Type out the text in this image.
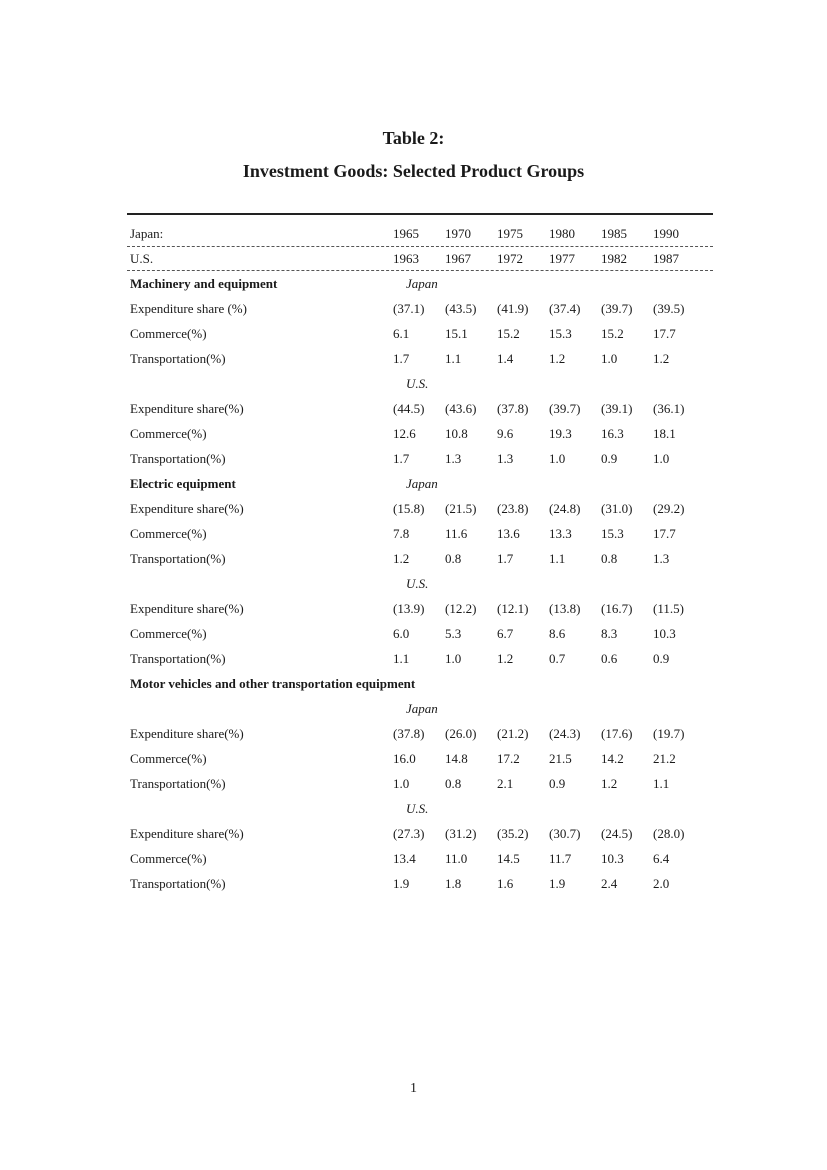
Table 2:
Investment Goods: Selected Product Groups
Japan:	1965	1970	1975	1980	1985	1990
U.S.	1963	1967	1972	1977	1982	1987
Machinery and equipment	Japan
Expenditure share (%)	(37.1)	(43.5)	(41.9)	(37.4)	(39.7)	(39.5)
Commerce(%)	6.1	15.1	15.2	15.3	15.2	17.7
Transportation(%)	1.7	1.1	1.4	1.2	1.0	1.2
U.S.
Expenditure share(%)	(44.5)	(43.6)	(37.8)	(39.7)	(39.1)	(36.1)
Commerce(%)	12.6	10.8	9.6	19.3	16.3	18.1
Transportation(%)	1.7	1.3	1.3	1.0	0.9	1.0
Electric equipment	Japan
Expenditure share(%)	(15.8)	(21.5)	(23.8)	(24.8)	(31.0)	(29.2)
Commerce(%)	7.8	11.6	13.6	13.3	15.3	17.7
Transportation(%)	1.2	0.8	1.7	1.1	0.8	1.3
U.S.
Expenditure share(%)	(13.9)	(12.2)	(12.1)	(13.8)	(16.7)	(11.5)
Commerce(%)	6.0	5.3	6.7	8.6	8.3	10.3
Transportation(%)	1.1	1.0	1.2	0.7	0.6	0.9
Motor vehicles and other transportation equipment
Japan
Expenditure share(%)	(37.8)	(26.0)	(21.2)	(24.3)	(17.6)	(19.7)
Commerce(%)	16.0	14.8	17.2	21.5	14.2	21.2
Transportation(%)	1.0	0.8	2.1	0.9	1.2	1.1
U.S.
Expenditure share(%)	(27.3)	(31.2)	(35.2)	(30.7)	(24.5)	(28.0)
Commerce(%)	13.4	11.0	14.5	11.7	10.3	6.4
Transportation(%)	1.9	1.8	1.6	1.9	2.4	2.0
1
